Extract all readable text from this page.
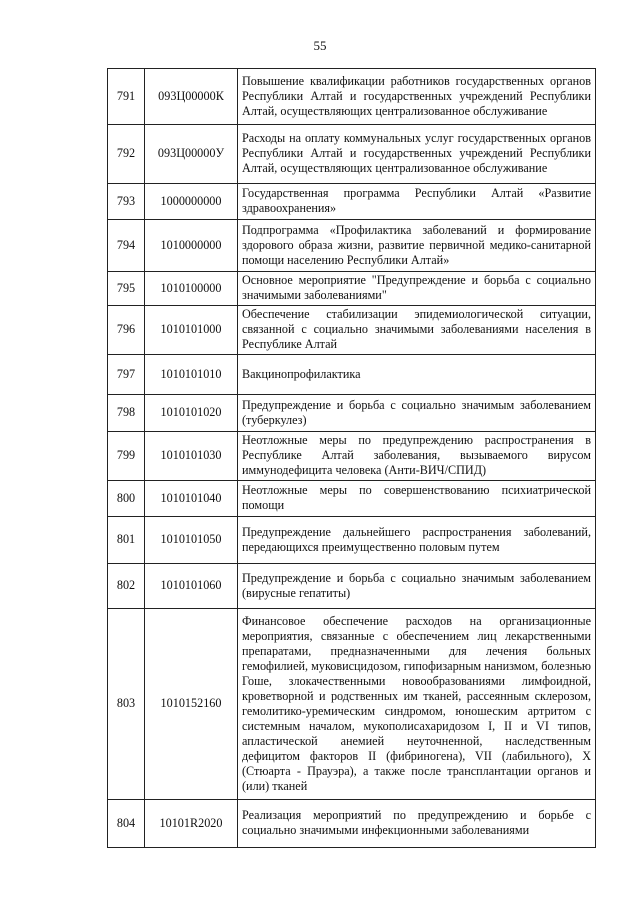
55
791	093Ц00000К	Повышение квалификации работников государственных органов Республики Алтай и государственных учреждений Республики Алтай, осуществляющих централизованное обслуживание
792	093Ц00000У	Расходы на оплату коммунальных услуг государственных органов Республики Алтай и государственных учреждений Республики Алтай, осуществляющих централизованное обслуживание
793	1000000000	Государственная программа Республики Алтай «Развитие здравоохранения»
794	1010000000	Подпрограмма «Профилактика заболеваний и формирование здорового образа жизни, развитие первичной медико-санитарной помощи населению Республики Алтай»
795	1010100000	Основное мероприятие "Предупреждение и борьба с социально значимыми заболеваниями"
796	1010101000	Обеспечение стабилизации эпидемиологической ситуации, связанной с социально значимыми заболеваниями населения в Республике Алтай
797	1010101010	Вакцинопрофилактика
798	1010101020	Предупреждение и борьба с социально значимым заболеванием (туберкулез)
799	1010101030	Неотложные меры по предупреждению распространения в Республике Алтай заболевания, вызываемого вирусом иммунодефицита человека (Анти-ВИЧ/СПИД)
800	1010101040	Неотложные меры по совершенствованию психиатрической помощи
801	1010101050	Предупреждение дальнейшего распространения заболеваний, передающихся преимущественно половым путем
802	1010101060	Предупреждение и борьба с социально значимым заболеванием (вирусные гепатиты)
803	1010152160	Финансовое обеспечение расходов на организационные мероприятия, связанные с обеспечением лиц лекарственными препаратами, предназначенными для лечения больных гемофилией, муковисцидозом, гипофизарным нанизмом, болезнью Гоше, злокачественными новообразованиями лимфоидной, кроветворной и родственных им тканей, рассеянным склерозом, гемолитико-уремическим синдромом, юношеским артритом с системным началом, мукополисахаридозом I, II и VI типов, апластической анемией неуточненной, наследственным дефицитом факторов II (фибриногена), VII (лабильного), X (Стюарта - Прауэра), а также после трансплантации органов и (или) тканей
804	10101R2020	Реализация мероприятий по предупреждению и борьбе с социально значимыми инфекционными заболеваниями
